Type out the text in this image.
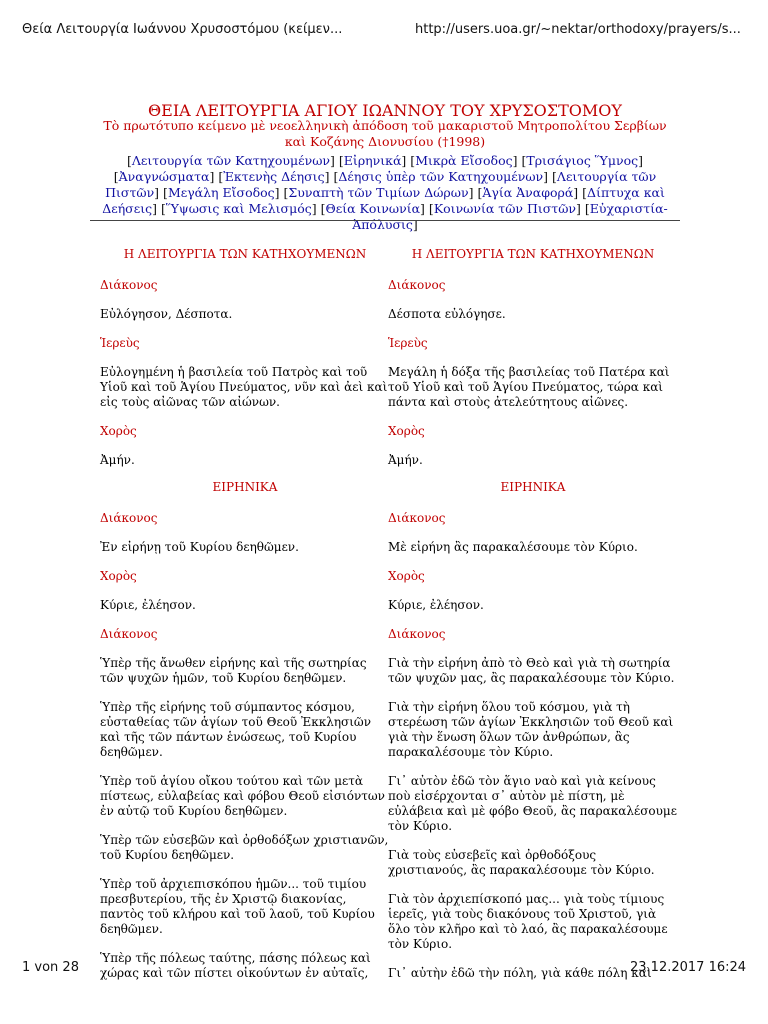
Θεία Λειτουργία Ιωάννου Χρυσοστόμου (κείμεν...	http://users.uoa.gr/~nektar/orthodoxy/prayers/s...
ΘΕΙΑ ΛΕΙΤΟΥΡΓΙΑ ΑΓΙΟΥ ΙΩΑΝΝΟΥ ΤΟΥ ΧΡΥΣΟΣΤΟΜΟΥ
Τὸ πρωτότυπο κείμενο μὲ νεοελληνικὴ ἀπόδοση τοῦ μακαριστοῦ Μητροπολίτου Σερβίων καὶ Κοζάνης Διονυσίου (†1998)
[Λειτουργία τῶν Κατηχουμένων] [Εἰρηνικά] [Μικρὰ Εἴσοδος] [Τρισάγιος Ὕμνος] [Ἀναγνώσματα] [Ἐκτενὴς Δέησις] [Δέησις ὑπὲρ τῶν Κατηχουμένων] [Λειτουργία τῶν Πιστῶν] [Μεγάλη Εἴσοδος] [Συναπτὴ τῶν Τιμίων Δώρων] [Ἁγία Ἀναφορά] [Δίπτυχα καὶ Δεήσεις] [Ὕψωσις καὶ Μελισμός] [Θεία Κοινωνία] [Κοινωνία τῶν Πιστῶν] [Εὐχαριστία-Ἀπόλυσις]

Η ΛΕΙΤΟΥΡΓΙΑ ΤΩΝ ΚΑΤΗΧΟΥΜΕΝΩΝ

Διάκονος

Εὐλόγησον, Δέσποτα.

Ἱερεὺς

Εὐλογημένη ἡ βασιλεία τοῦ Πατρὸς καὶ τοῦ Υἱοῦ καὶ τοῦ Ἁγίου Πνεύματος, νῦν καὶ ἀεὶ καὶ εἰς τοὺς αἰῶνας τῶν αἰώνων.

Χορὸς

Ἀμήν.

ΕΙΡΗΝΙΚΑ

Διάκονος

Ἐν εἰρήνῃ τοῦ Κυρίου δεηθῶμεν.

Χορὸς

Κύριε, ἐλέησον.

Διάκονος

Ὑπὲρ τῆς ἄνωθεν εἰρήνης καὶ τῆς σωτηρίας τῶν ψυχῶν ἡμῶν, τοῦ Κυρίου δεηθῶμεν.

Ὑπὲρ τῆς εἰρήνης τοῦ σύμπαντος κόσμου, εὐσταθείας τῶν ἁγίων τοῦ Θεοῦ Ἐκκλησιῶν καὶ τῆς τῶν πάντων ἑνώσεως, τοῦ Κυρίου δεηθῶμεν.

Ὑπὲρ τοῦ ἁγίου οἴκου τούτου καὶ τῶν μετὰ πίστεως, εὐλαβείας καὶ φόβου Θεοῦ εἰσιόντων ἐν αὐτῷ τοῦ Κυρίου δεηθῶμεν.

Ὑπὲρ τῶν εὐσεβῶν καὶ ὀρθοδόξων χριστιανῶν, τοῦ Κυρίου δεηθῶμεν.

Ὑπὲρ τοῦ ἀρχιεπισκόπου ἡμῶν... τοῦ τιμίου πρεσβυτερίου, τῆς ἐν Χριστῷ διακονίας, παντὸς τοῦ κλήρου καὶ τοῦ λαοῦ, τοῦ Κυρίου δεηθῶμεν.

Ὑπὲρ τῆς πόλεως ταύτης, πάσης πόλεως καὶ χώρας καὶ τῶν πίστει οἰκούντων ἐν αὐταῖς,

Η ΛΕΙΤΟΥΡΓΙΑ ΤΩΝ ΚΑΤΗΧΟΥΜΕΝΩΝ

Διάκονος

Δέσποτα εὐλόγησε.

Ἱερεὺς

Μεγάλη ἡ δόξα τῆς βασιλείας τοῦ Πατέρα καὶ τοῦ Υἱοῦ καὶ τοῦ Ἁγίου Πνεύματος, τώρα καὶ πάντα καὶ στοὺς ἀτελεύτητους αἰῶνες.

Χορὸς

Ἀμήν.

ΕΙΡΗΝΙΚΑ

Διάκονος

Μὲ εἰρήνη ἂς παρακαλέσουμε τὸν Κύριο.

Χορὸς

Κύριε, ἐλέησον.

Διάκονος

Γιὰ τὴν εἰρήνη ἀπὸ τὸ Θεὸ καὶ γιὰ τὴ σωτηρία τῶν ψυχῶν μας, ἂς παρακαλέσουμε τὸν Κύριο.

Γιὰ τὴν εἰρήνη ὅλου τοῦ κόσμου, γιὰ τὴ στερέωση τῶν ἁγίων Ἐκκλησιῶν τοῦ Θεοῦ καὶ γιὰ τὴν ἕνωση ὅλων τῶν ἀνθρώπων, ἂς παρακαλέσουμε τὸν Κύριο.

Γι᾽ αὐτὸν ἐδῶ τὸν ἅγιο ναὸ καὶ γιὰ κείνους ποὺ εἰσέρχονται σ᾽ αὐτὸν μὲ πίστη, μὲ εὐλάβεια καὶ μὲ φόβο Θεοῦ, ἂς παρακαλέσουμε τὸν Κύριο.

Γιὰ τοὺς εὐσεβεῖς καὶ ὀρθοδόξους χριστιανούς, ἂς παρακαλέσουμε τὸν Κύριο.

Γιὰ τὸν ἀρχιεπίσκοπό μας... γιὰ τοὺς τίμιους ἱερεῖς, γιὰ τοὺς διακόνους τοῦ Χριστοῦ, γιὰ ὅλο τὸν κλῆρο καὶ τὸ λαό, ἂς παρακαλέσουμε τὸν Κύριο.

Γι᾽ αὐτὴν ἐδῶ τὴν πόλη, γιὰ κάθε πόλη καὶ

1 von 28	23.12.2017 16:24
